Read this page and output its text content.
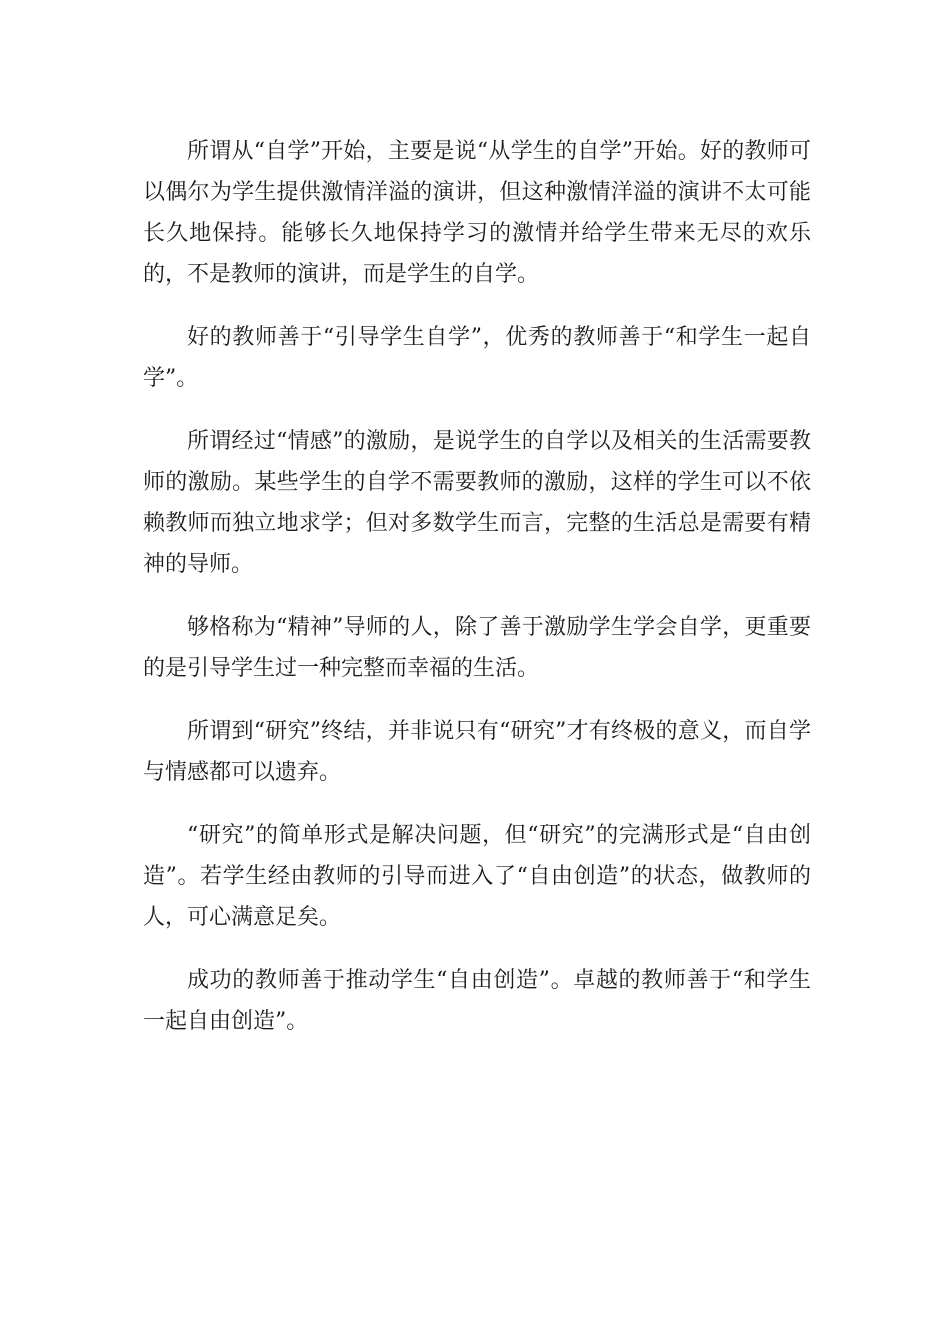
所谓从“自学”开始，主要是说“从学生的自学”开始。好的教师可以偶尔为学生提供激情洋溢的演讲，但这种激情洋溢的演讲不太可能长久地保持。能够长久地保持学习的激情并给学生带来无尽的欢乐的，不是教师的演讲，而是学生的自学。

好的教师善于“引导学生自学”，优秀的教师善于“和学生一起自学”。

所谓经过“情感”的激励，是说学生的自学以及相关的生活需要教师的激励。某些学生的自学不需要教师的激励，这样的学生可以不依赖教师而独立地求学；但对多数学生而言，完整的生活总是需要有精神的导师。

够格称为“精神”导师的人，除了善于激励学生学会自学，更重要的是引导学生过一种完整而幸福的生活。

所谓到“研究”终结，并非说只有“研究”才有终极的意义，而自学与情感都可以遗弃。

“研究”的简单形式是解决问题，但“研究”的完满形式是“自由创造”。若学生经由教师的引导而进入了“自由创造”的状态，做教师的人，可心满意足矣。

成功的教师善于推动学生“自由创造”。卓越的教师善于“和学生一起自由创造”。
